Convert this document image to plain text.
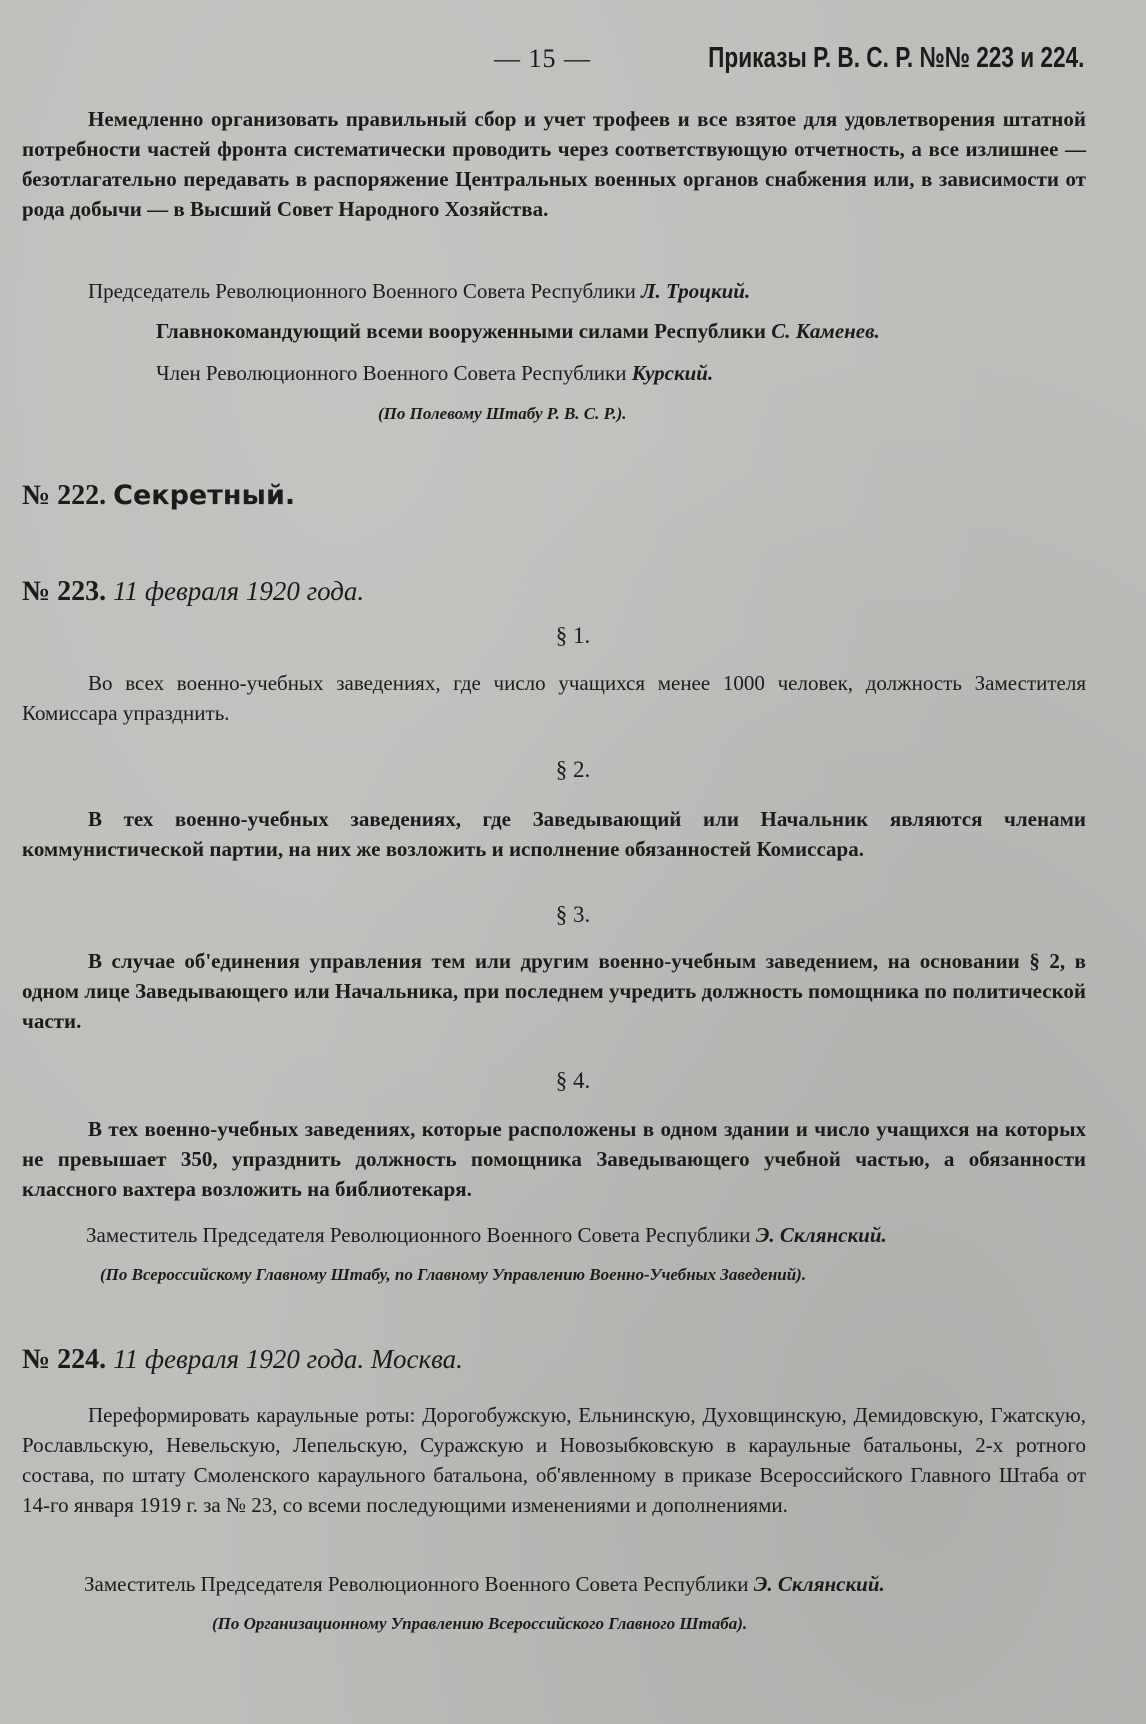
— 15 —	Приказы Р. В. С. Р. №№ 223 и 224.

Немедленно организовать правильный сбор и учет трофеев и все взятое для удовлетворения штатной потребности частей фронта систематически проводить через соответствующую отчетность, а все излишнее — безотлагательно передавать в распоряжение Центральных военных органов снабжения или, в зависимости от рода добычи — в Высший Совет Народного Хозяйства.

Председатель Революционного Военного Совета Республики Л. Троцкий.
Главнокомандующий всеми вооруженными силами Республики С. Каменев.
Член Революционного Военного Совета Республики Курский.
(По Полевому Штабу Р. В. С. Р.).
№ 222. Секретный.
№ 223. 11 февраля 1920 года.
§ 1.

Во всех военно-учебных заведениях, где число учащихся менее 1000 человек, должность Заместителя Комиссара упразднить.

§ 2.

В тех военно-учебных заведениях, где Заведывающий или Начальник являются членами коммунистической партии, на них же возложить и исполнение обязанностей Комиссара.

§ 3.

В случае об'единения управления тем или другим военно-учебным заведением, на основании § 2, в одном лице Заведывающего или Начальника, при последнем учредить должность помощника по политической части.

§ 4.

В тех военно-учебных заведениях, которые расположены в одном здании и число учащихся на которых не превышает 350, упразднить должность помощника Заведывающего учебной частью, а обязанности классного вахтера возложить на библиотекаря.

Заместитель Председателя Революционного Военного Совета Республики Э. Склянский.
(По Всероссийскому Главному Штабу, по Главному Управлению Военно-Учебных Заведений).
№ 224. 11 февраля 1920 года. Москва.

Переформировать караульные роты: Дорогобужскую, Ельнинскую, Духовщинскую, Демидовскую, Гжатскую, Рославльскую, Невельскую, Лепельскую, Суражскую и Новозыбковскую в караульные батальоны, 2-х ротного состава, по штату Смоленского караульного батальона, об'явленному в приказе Всероссийского Главного Штаба от 14-го января 1919 г. за № 23, со всеми последующими изменениями и дополнениями.

Заместитель Председателя Революционного Военного Совета Республики Э. Склянский.
(По Организационному Управлению Всероссийского Главного Штаба).
